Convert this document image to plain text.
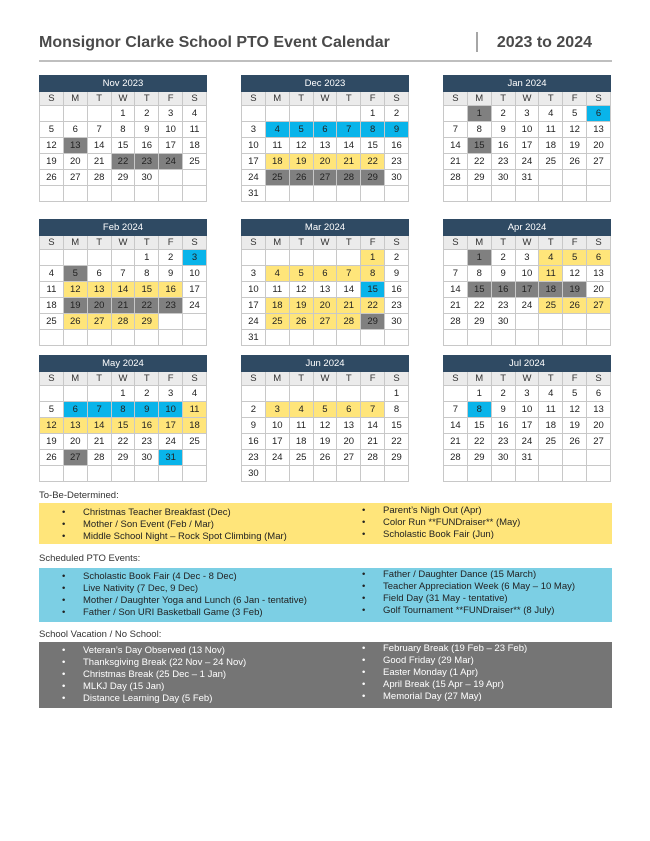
Monsignor Clarke School PTO Event Calendar	2023 to 2024
Nov 2023						
S	M	T	W	T	F	S
			1	2	3	4
5	6	7	8	9	10	11
12	13	14	15	16	17	18
19	20	21	22	23	24	25
26	27	28	29	30		

Dec 2023						
S	M	T	W	T	F	S
					1	2
3	4	5	6	7	8	9
10	11	12	13	14	15	16
17	18	19	20	21	22	23
24	25	26	27	28	29	30
31						
Jan 2024						
S	M	T	W	T	F	S
	1	2	3	4	5	6
7	8	9	10	11	12	13
14	15	16	17	18	19	20
21	22	23	24	25	26	27
28	29	30	31			

Feb 2024						
S	M	T	W	T	F	S
				1	2	3
4	5	6	7	8	9	10
11	12	13	14	15	16	17
18	19	20	21	22	23	24
25	26	27	28	29		

Mar 2024						
S	M	T	W	T	F	S
					1	2
3	4	5	6	7	8	9
10	11	12	13	14	15	16
17	18	19	20	21	22	23
24	25	26	27	28	29	30
31						
Apr 2024						
S	M	T	W	T	F	S
	1	2	3	4	5	6
7	8	9	10	11	12	13
14	15	16	17	18	19	20
21	22	23	24	25	26	27
28	29	30				

May 2024						
S	M	T	W	T	F	S
			1	2	3	4
5	6	7	8	9	10	11
12	13	14	15	16	17	18
19	20	21	22	23	24	25
26	27	28	29	30	31	

Jun 2024						
S	M	T	W	T	F	S
						1
2	3	4	5	6	7	8
9	10	11	12	13	14	15
16	17	18	19	20	21	22
23	24	25	26	27	28	29
30						
Jul 2024						
S	M	T	W	T	F	S
	1	2	3	4	5	6
7	8	9	10	11	12	13
14	15	16	17	18	19	20
21	22	23	24	25	26	27
28	29	30	31			

To-Be-Determined:
• Christmas Teacher Breakfast (Dec)
• Mother / Son Event (Feb / Mar)
• Middle School Night – Rock Spot Climbing (Mar)
• Parent’s Nigh Out (Apr)
• Color Run **FUNDraiser** (May)
• Scholastic Book Fair (Jun)
Scheduled PTO Events:
• Scholastic Book Fair (4 Dec - 8 Dec)
• Live Nativity (7 Dec, 9 Dec)
• Mother / Daughter Yoga and Lunch (6 Jan - tentative)
• Father / Son URI Basketball Game (3 Feb)
• Father / Daughter Dance (15 March)
• Teacher Appreciation Week (6 May – 10 May)
• Field Day (31 May - tentative)
• Golf Tournament **FUNDraiser** (8 July)
School Vacation / No School:
• Veteran’s Day Observed (13 Nov)
• Thanksgiving Break (22 Nov – 24 Nov)
• Christmas Break (25 Dec – 1 Jan)
• MLKJ Day (15 Jan)
• Distance Learning Day (5 Feb)
• February Break (19 Feb – 23 Feb)
• Good Friday (29 Mar)
• Easter Monday (1 Apr)
• April Break (15 Apr – 19 Apr)
• Memorial Day (27 May)
